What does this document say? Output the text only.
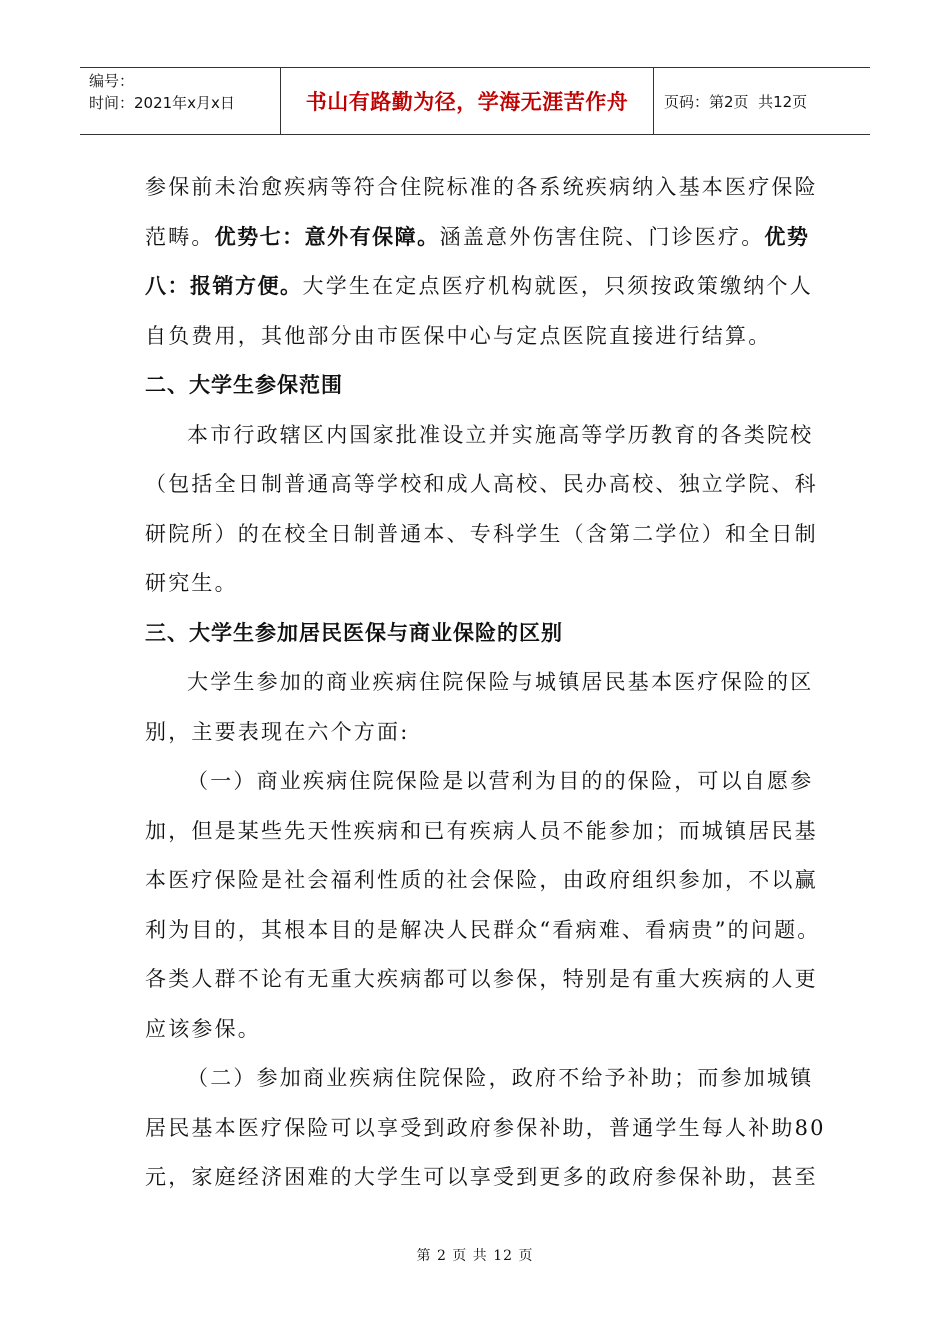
编号：
时间：2021年x月x日	书山有路勤为径，学海无涯苦作舟	页码：第2页  共12页
参保前未治愈疾病等符合住院标准的各系统疾病纳入基本医疗保险
范畴。优势七：意外有保障。涵盖意外伤害住院、门诊医疗。优势
八：报销方便。大学生在定点医疗机构就医，只须按政策缴纳个人
自负费用，其他部分由市医保中心与定点医院直接进行结算。
二、大学生参保范围
本市行政辖区内国家批准设立并实施高等学历教育的各类院校
（包括全日制普通高等学校和成人高校、民办高校、独立学院、科
研院所）的在校全日制普通本、专科学生（含第二学位）和全日制
研究生。
三、大学生参加居民医保与商业保险的区别
大学生参加的商业疾病住院保险与城镇居民基本医疗保险的区
别，主要表现在六个方面:
（一）商业疾病住院保险是以营利为目的的保险，可以自愿参
加，但是某些先天性疾病和已有疾病人员不能参加；而城镇居民基
本医疗保险是社会福利性质的社会保险，由政府组织参加，不以赢
利为目的，其根本目的是解决人民群众“看病难、看病贵”的问题。
各类人群不论有无重大疾病都可以参保，特别是有重大疾病的人更
应该参保。
（二）参加商业疾病住院保险，政府不给予补助；而参加城镇
居民基本医疗保险可以享受到政府参保补助，普通学生每人补助80
元，家庭经济困难的大学生可以享受到更多的政府参保补助，甚至
第 2 页 共 12 页
